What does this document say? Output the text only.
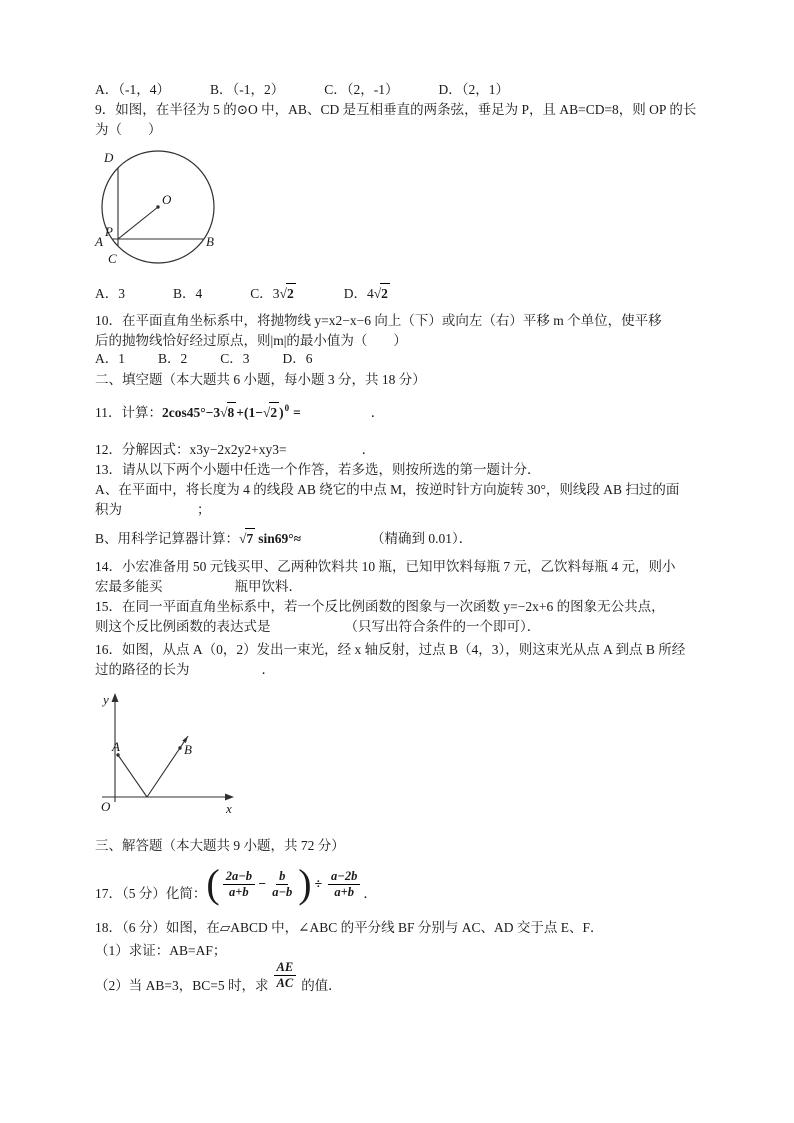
A．（-1，4）	B．（-1，2）	C．（2，-1）	D．（2，1）
9．如图，在半径为 5 的⊙O 中，AB、CD 是互相垂直的两条弦，垂足为 P，且 AB=CD=8，则 OP 的长
为（ ）
D
O
A
P
B
C
A．3	B．4	C．3 √ 2	D．4 √ 2
10．在平面直角坐标系中，将抛物线 y=x2−x−6 向上（下）或向左（右）平移 m 个单位，使平移
后的抛物线恰好经过原点，则|m|的最小值为（ ）
A．1 B．2 C．3 D．6
二、填空题（本大题共 6 小题，每小题 3 分，共 18 分）
11．计算： 2cos45°−3 √ 8 +(1− √ 2 ) 0 =	．
12．分解因式：x3y−2x2y2+xy3=	．
13．请从以下两个小题中任选一个作答，若多选，则按所选的第一题计分．
A、在平面中，将长度为 4 的线段 AB 绕它的中点 M，按逆时针方向旋转 30°，则线段 AB 扫过的面
积为	；
B、用科学记算器计算： √ 7 sin69°≈	（精确到 0.01）．
14．小宏准备用 50 元钱买甲、乙两种饮料共 10 瓶，已知甲饮料每瓶 7 元，乙饮料每瓶 4 元，则小
宏最多能买	瓶甲饮料．
15．在同一平面直角坐标系中，若一个反比例函数的图象与一次函数 y=−2x+6 的图象无公共点，
则这个反比例函数的表达式是	（只写出符合条件的一个即可）．
16．如图，从点 A（0，2）发出一束光，经 x 轴反射，过点 B（4，3），则这束光从点 A 到点 B 所经
过的路径的长为	．
y
x
O
A	B
三、解答题（本大题共 9 小题，共 72 分）
17．（5 分）化简： ( $\frac{2a-b}{a+b} - \frac{b}{a-b}$ ) ÷ $\frac{a-2b}{a+b}$ ．
18．（6 分）如图，在▱ABCD 中，∠ABC 的平分线 BF 分别与 AC、AD 交于点 E、F．
（1）求证：AB=AF；
（2）当 AB=3，BC=5 时，求 $\frac{AE}{AC}$ 的值．
